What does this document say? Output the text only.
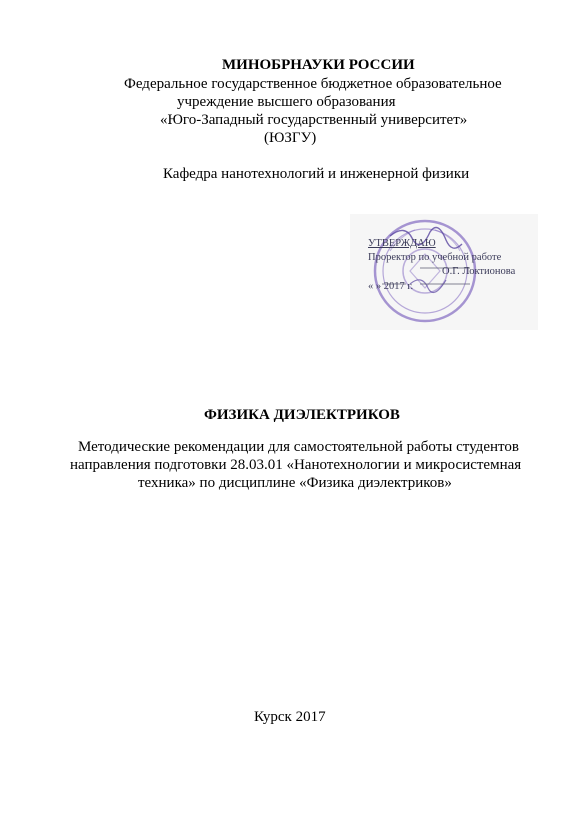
МИНОБРНАУКИ РОССИИ
Федеральное государственное бюджетное образовательное
учреждение высшего образования
«Юго-Западный государственный университет»
(ЮЗГУ)
Кафедра нанотехнологий и инженерной физики
УТВЕРЖДАЮ
Проректор по учебной работе
О.Г. Локтионова
« » 2017 г.
ФИЗИКА ДИЭЛЕКТРИКОВ
Методические рекомендации для самостоятельной работы студентов
направления подготовки 28.03.01 «Нанотехнологии и микросистемная
техника» по дисциплине «Физика диэлектриков»
Курск 2017
